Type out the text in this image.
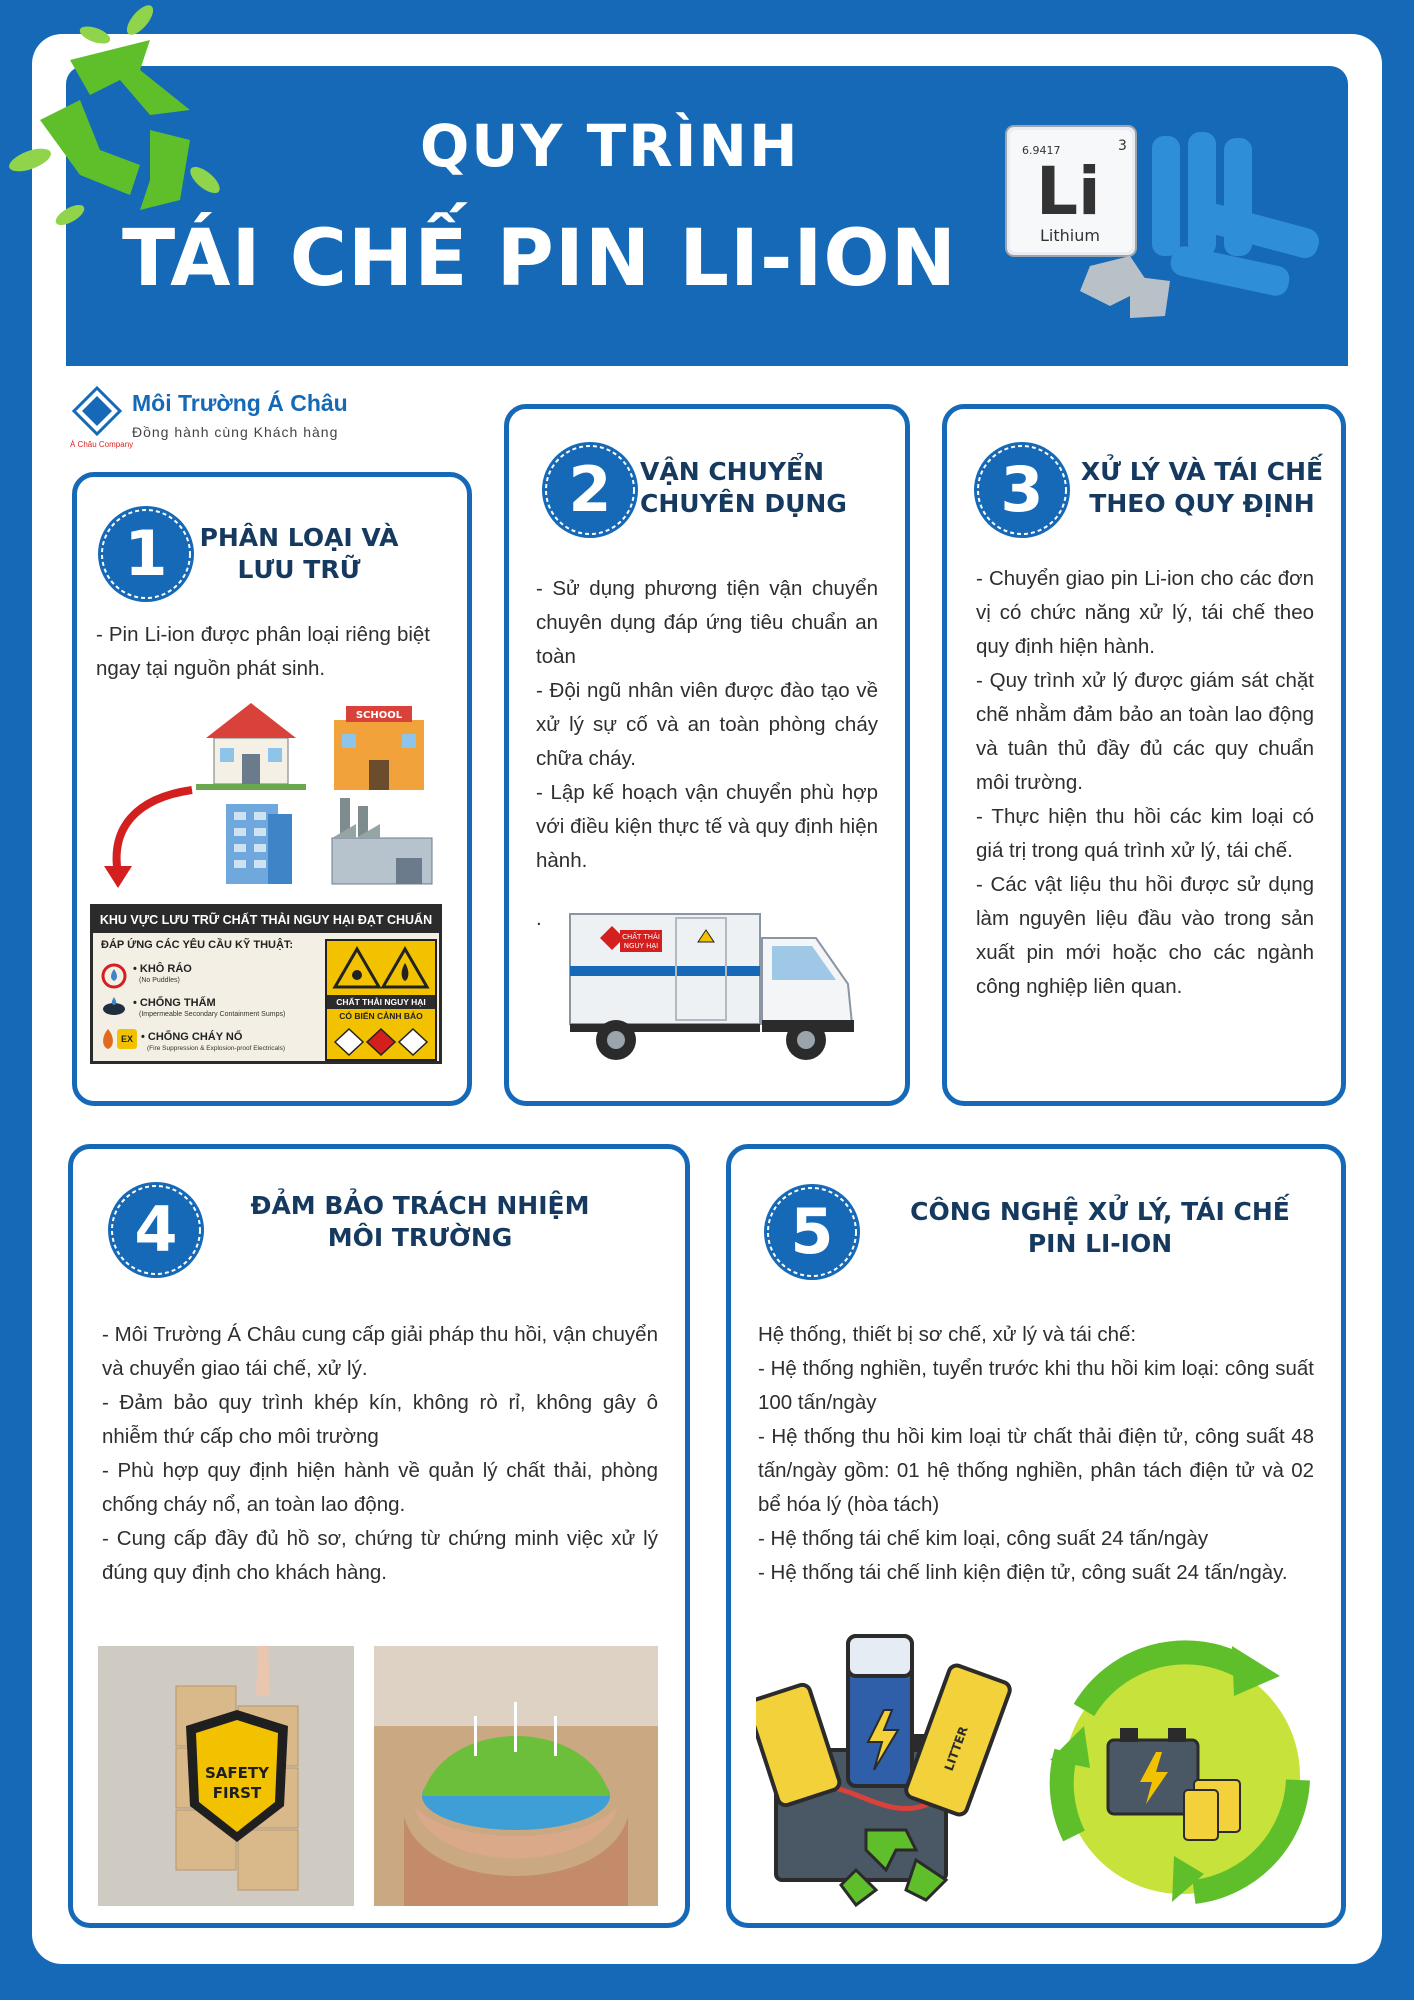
QUY TRÌNH
TÁI CHẾ PIN LI-ION
6.9417	3
Li
Lithium
Môi Trường Á Châu
Đồng hành cùng Khách hàng
Á Châu Company
1	PHÂN LOẠI VÀ
LƯU TRỮ

- Pin Li-ion được phân loại riêng biệt ngay tại nguồn phát sinh.

SCHOOL
KHU VỰC LƯU TRỮ CHẤT THẢI NGUY HẠI ĐẠT CHUẨN
ĐÁP ỨNG CÁC YÊU CẦU KỸ THUẬT:
• KHÔ RÁO
(No Puddles)
• CHỐNG THẤM
(Impermeable Secondary Containment Sumps)
EX • CHỐNG CHÁY NỔ
(Fire Suppression & Explosion-proof Electricals)
CHẤT THẢI NGUY HẠI
CÓ BIỂN CẢNH BÁO
2	VẬN CHUYỂN
CHUYÊN DỤNG

- Sử dụng phương tiện vận chuyển chuyên dụng đáp ứng tiêu chuẩn an toàn

- Đội ngũ nhân viên được đào tạo về xử lý sự cố và an toàn phòng cháy chữa cháy.

- Lập kế hoạch vận chuyển phù hợp với điều kiện thực tế và quy định hiện hành.

.

CHẤT THẢI
NGUY HẠI
3	XỬ LÝ VÀ TÁI CHẾ
THEO QUY ĐỊNH

- Chuyển giao pin Li-ion cho các đơn vị có chức năng xử lý, tái chế theo quy định hiện hành.

- Quy trình xử lý được giám sát chặt chẽ nhằm đảm bảo an toàn lao động và tuân thủ đầy đủ các quy chuẩn môi trường.

- Thực hiện thu hồi các kim loại có giá trị trong quá trình xử lý, tái chế.

- Các vật liệu thu hồi được sử dụng làm nguyên liệu đầu vào trong sản xuất pin mới hoặc cho các ngành công nghiệp liên quan.

4	ĐẢM BẢO TRÁCH NHIỆM
MÔI TRƯỜNG

- Môi Trường Á Châu cung cấp giải pháp thu hồi, vận chuyển và chuyển giao tái chế, xử lý.

- Đảm bảo quy trình khép kín, không rò rỉ, không gây ô nhiễm thứ cấp cho môi trường

- Phù hợp quy định hiện hành về quản lý chất thải, phòng chống cháy nổ, an toàn lao động.

- Cung cấp đầy đủ hồ sơ, chứng từ chứng minh việc xử lý đúng quy định cho khách hàng.

SAFETY
FIRST
5	CÔNG NGHỆ XỬ LÝ, TÁI CHẾ
PIN LI-ION

Hệ thống, thiết bị sơ chế, xử lý và tái chế:

- Hệ thống nghiền, tuyển trước khi thu hồi kim loại: công suất 100 tấn/ngày

- Hệ thống thu hồi kim loại từ chất thải điện tử, công suất 48 tấn/ngày gồm: 01 hệ thống nghiền, phân tách điện tử và 02 bể hóa lý (hòa tách)

- Hệ thống tái chế kim loại, công suất 24 tấn/ngày

- Hệ thống tái chế linh kiện điện tử, công suất 24 tấn/ngày.

LITTER
